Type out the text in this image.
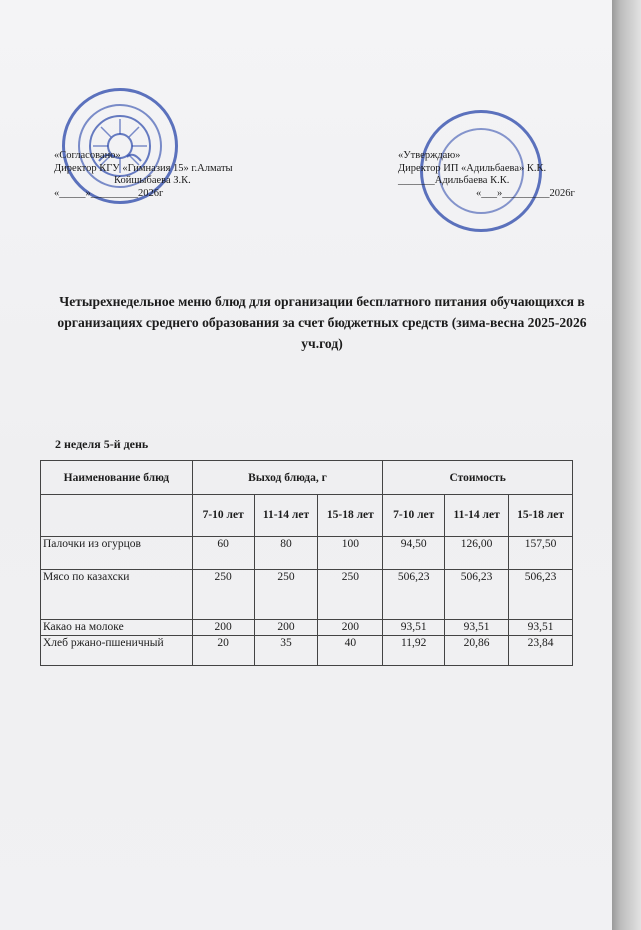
«Согласовано»
Директор КГУ «Гимназия 15» г.Алматы
Койшыбаева З.К.
«_____»_________2026г
«Утверждаю»
Директор ИП «Адильбаева» К.К.
_______Адильбаева К.К.
«___»_________2026г
Четырехнедельное меню блюд для организации бесплатного питания обучающихся в организациях среднего образования за счет бюджетных средств (зима-весна 2025-2026 уч.год)
2 неделя 5-й день
Наименование блюд	Выход блюда, г			Стоимость		
	7-10 лет	11-14 лет	15-18 лет	7-10 лет	11-14 лет	15-18 лет
Палочки из огурцов	60	80	100	94,50	126,00	157,50
Мясо по казахски	250	250	250	506,23	506,23	506,23
Какао на молоке	200	200	200	93,51	93,51	93,51
Хлеб ржано-пшеничный	20	35	40	11,92	20,86	23,84
